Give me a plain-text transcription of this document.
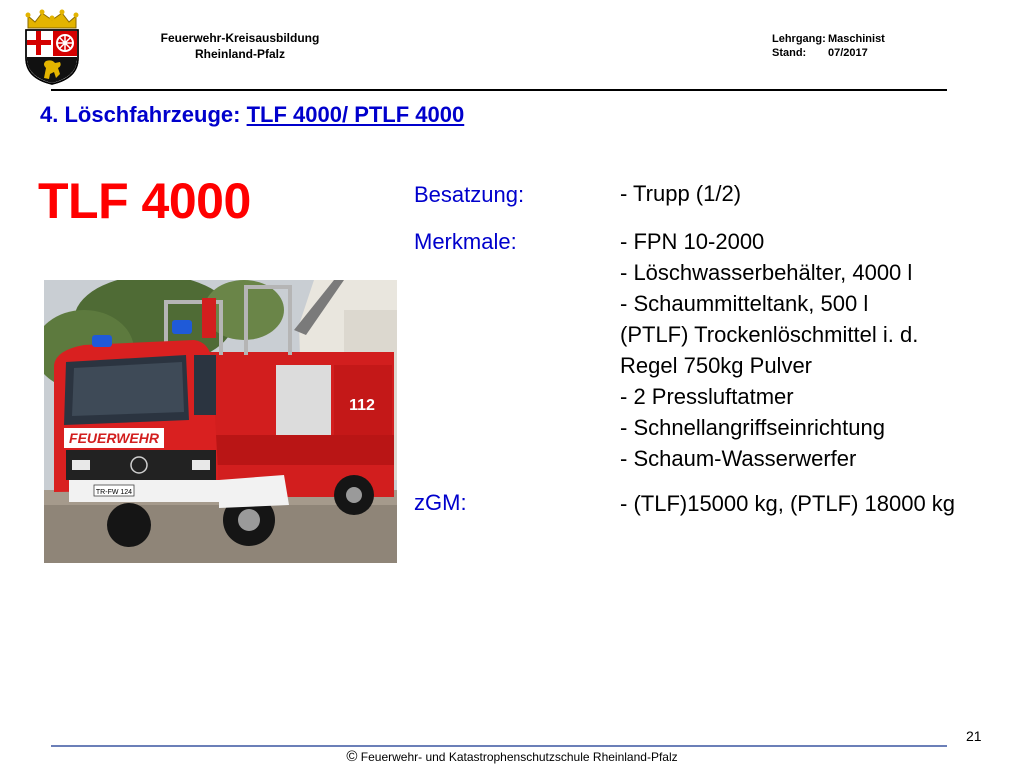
Feuerwehr-Kreisausbildung
Rheinland-Pfalz
Lehrgang: Maschinist
Stand: 07/2017
4. Löschfahrzeuge: TLF 4000/ PTLF 4000
TLF 4000	Besatzung:
Merkmale:
zGM:
- Trupp (1/2)
- FPN 10-2000
- Löschwasserbehälter, 4000 l
- Schaummitteltank, 500 l
(PTLF) Trockenlöschmittel i. d.
Regel 750kg Pulver
- 2 Pressluftatmer
- Schnellangriffseinrichtung
- Schaum-Wasserwerfer
- (TLF)15000 kg, (PTLF) 18000 kg
FEUERWEHR
112
TR-FW 124
21
© Feuerwehr- und Katastrophenschutzschule Rheinland-Pfalz
